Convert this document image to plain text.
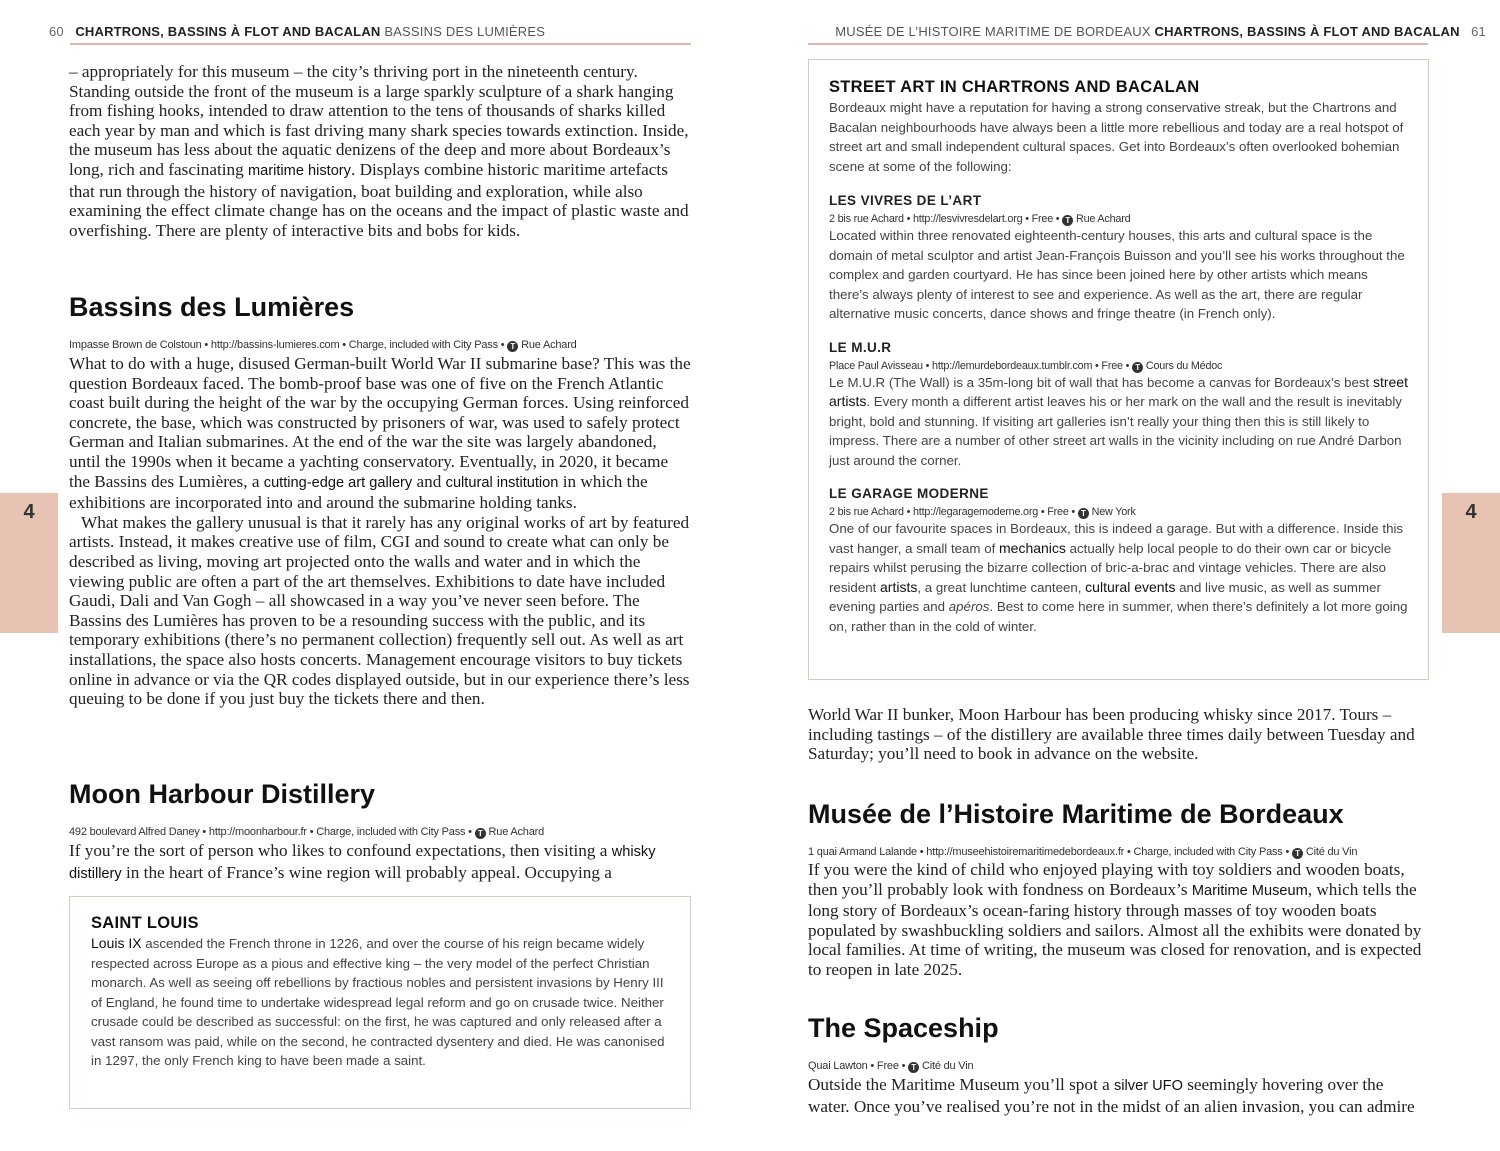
60 CHARTRONS, BASSINS À FLOT AND BACALAN BASSINS DES LUMIÈRES
4

– appropriately for this museum – the city’s thriving port in the nineteenth century. Standing outside the front of the museum is a large sparkly sculpture of a shark hanging from fishing hooks, intended to draw attention to the tens of thousands of sharks killed each year by man and which is fast driving many shark species towards extinction. Inside, the museum has less about the aquatic denizens of the deep and more about Bordeaux’s long, rich and fascinating maritime history. Displays combine historic maritime artefacts that run through the history of navigation, boat building and exploration, while also examining the effect climate change has on the oceans and the impact of plastic waste and overfishing. There are plenty of interactive bits and bobs for kids.

Bassins des Lumières

Impasse Brown de Colstoun • http://bassins-lumieres.com • Charge, included with City Pass • T Rue Achard

What to do with a huge, disused German-built World War II submarine base? This was the question Bordeaux faced. The bomb-proof base was one of five on the French Atlantic coast built during the height of the war by the occupying German forces. Using reinforced concrete, the base, which was constructed by prisoners of war, was used to safely protect German and Italian submarines. At the end of the war the site was largely abandoned, until the 1990s when it became a yachting conservatory. Eventually, in 2020, it became the Bassins des Lumières, a cutting-edge art gallery and cultural institution in which the exhibitions are incorporated into and around the submarine holding tanks.

What makes the gallery unusual is that it rarely has any original works of art by featured artists. Instead, it makes creative use of film, CGI and sound to create what can only be described as living, moving art projected onto the walls and water and in which the viewing public are often a part of the art themselves. Exhibitions to date have included Gaudi, Dali and Van Gogh – all showcased in a way you’ve never seen before. The Bassins des Lumières has proven to be a resounding success with the public, and its temporary exhibitions (there’s no permanent collection) frequently sell out. As well as art installations, the space also hosts concerts. Management encourage visitors to buy tickets online in advance or via the QR codes displayed outside, but in our experience there’s less queuing to be done if you just buy the tickets there and then.

Moon Harbour Distillery

492 boulevard Alfred Daney • http://moonharbour.fr • Charge, included with City Pass • T Rue Achard

If you’re the sort of person who likes to confound expectations, then visiting a whisky distillery in the heart of France’s wine region will probably appeal. Occupying a

SAINT LOUIS

Louis IX ascended the French throne in 1226, and over the course of his reign became widely respected across Europe as a pious and effective king – the very model of the perfect Christian monarch. As well as seeing off rebellions by fractious nobles and persistent invasions by Henry III of England, he found time to undertake widespread legal reform and go on crusade twice. Neither crusade could be described as successful: on the first, he was captured and only released after a vast ransom was paid, while on the second, he contracted dysentery and died. He was canonised in 1297, the only French king to have been made a saint.

MUSÉE DE L’HISTOIRE MARITIME DE BORDEAUX CHARTRONS, BASSINS À FLOT AND BACALAN 61
4
STREET ART IN CHARTRONS AND BACALAN

Bordeaux might have a reputation for having a strong conservative streak, but the Chartrons and Bacalan neighbourhoods have always been a little more rebellious and today are a real hotspot of street art and small independent cultural spaces. Get into Bordeaux’s often overlooked bohemian scene at some of the following:

LES VIVRES DE L’ART

2 bis rue Achard • http://lesvivresdelart.org • Free • T Rue Achard

Located within three renovated eighteenth-century houses, this arts and cultural space is the domain of metal sculptor and artist Jean-François Buisson and you’ll see his works throughout the complex and garden courtyard. He has since been joined here by other artists which means there’s always plenty of interest to see and experience. As well as the art, there are regular alternative music concerts, dance shows and fringe theatre (in French only).

LE M.U.R

Place Paul Avisseau • http://lemurdebordeaux.tumblr.com • Free • T Cours du Médoc

Le M.U.R (The Wall) is a 35m-long bit of wall that has become a canvas for Bordeaux’s best street artists. Every month a different artist leaves his or her mark on the wall and the result is inevitably bright, bold and stunning. If visiting art galleries isn’t really your thing then this is still likely to impress. There are a number of other street art walls in the vicinity including on rue André Darbon just around the corner.

LE GARAGE MODERNE

2 bis rue Achard • http://legaragemoderne.org • Free • T New York

One of our favourite spaces in Bordeaux, this is indeed a garage. But with a difference. Inside this vast hanger, a small team of mechanics actually help local people to do their own car or bicycle repairs whilst perusing the bizarre collection of bric-a-brac and vintage vehicles. There are also resident artists, a great lunchtime canteen, cultural events and live music, as well as summer evening parties and apéros. Best to come here in summer, when there’s definitely a lot more going on, rather than in the cold of winter.

World War II bunker, Moon Harbour has been producing whisky since 2017. Tours – including tastings – of the distillery are available three times daily between Tuesday and Saturday; you’ll need to book in advance on the website.

Musée de l’Histoire Maritime de Bordeaux

1 quai Armand Lalande • http://museehistoiremaritimedebordeaux.fr • Charge, included with City Pass • T Cité du Vin

If you were the kind of child who enjoyed playing with toy soldiers and wooden boats, then you’ll probably look with fondness on Bordeaux’s Maritime Museum, which tells the long story of Bordeaux’s ocean-faring history through masses of toy wooden boats populated by swashbuckling soldiers and sailors. Almost all the exhibits were donated by local families. At time of writing, the museum was closed for renovation, and is expected to reopen in late 2025.

The Spaceship

Quai Lawton • Free • T Cité du Vin

Outside the Maritime Museum you’ll spot a silver UFO seemingly hovering over the water. Once you’ve realised you’re not in the midst of an alien invasion, you can admire
